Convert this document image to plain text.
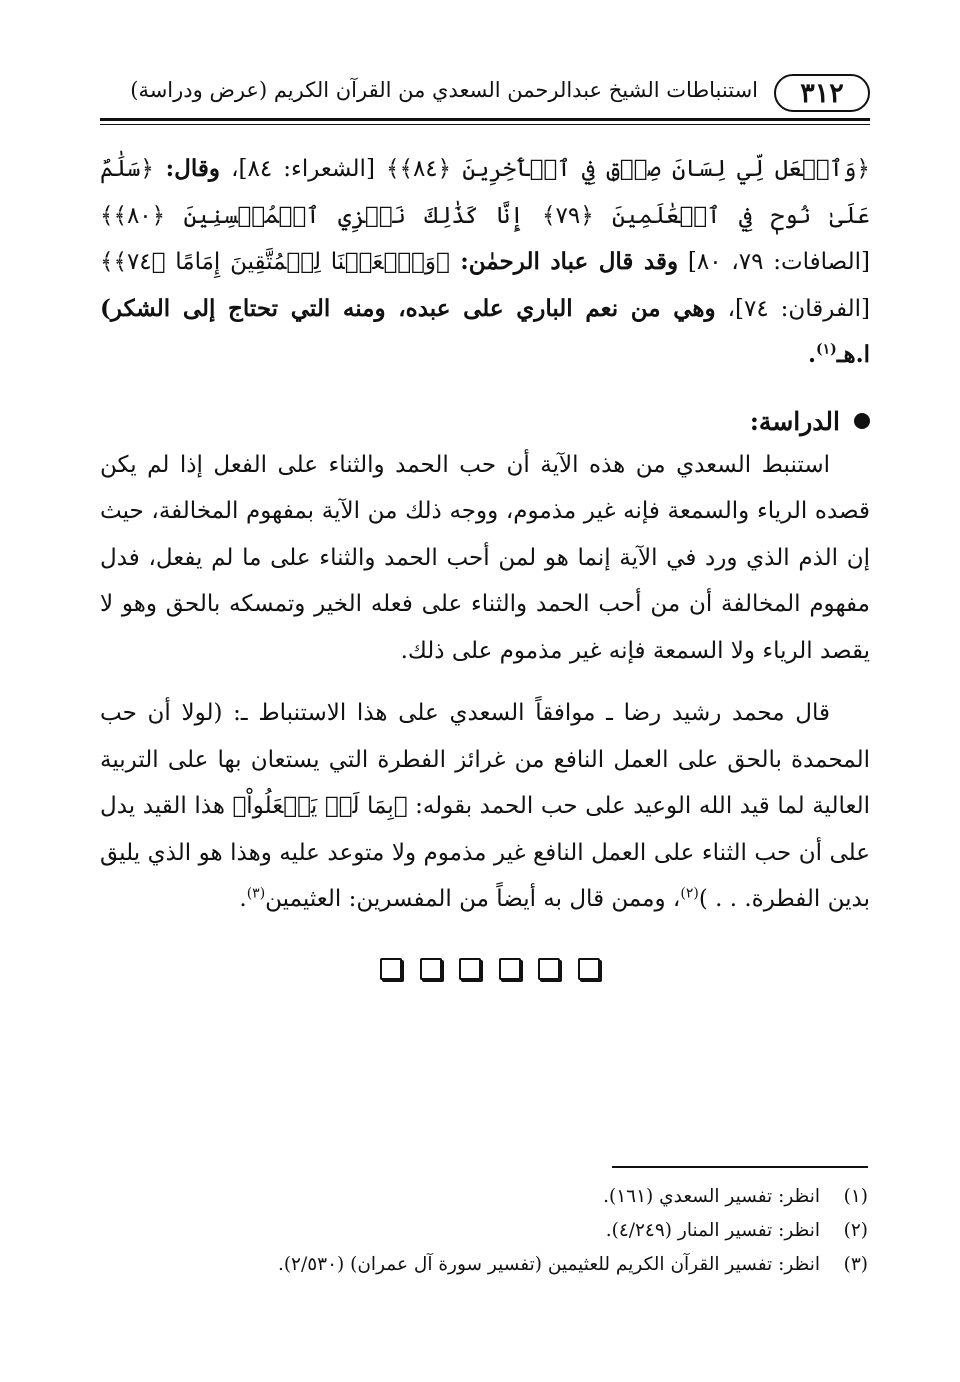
٣١٢
استنباطات الشيخ عبدالرحمن السعدي من القرآن الكريم (عرض ودراسة)

﴿وَٱجۡعَل لِّي لِسَانَ صِدۡقٖ فِي ٱلۡأٓخِرِينَ ﴿٨٤﴾﴾ [الشعراء: ٨٤]، وقال: ﴿سَلَٰمٌ عَلَىٰ نُوحٖ فِي ٱلۡعَٰلَمِينَ ﴿٧٩﴾ إِنَّا كَذَٰلِكَ نَجۡزِي ٱلۡمُحۡسِنِينَ ﴿٨٠﴾﴾ [الصافات: ٧٩، ٨٠] وقد قال عباد الرحمٰن: ﴿وَٱجۡعَلۡنَا لِلۡمُتَّقِينَ إِمَامًا ﴿٧٤﴾﴾ [الفرقان: ٧٤]، وهي من نعم الباري على عبده، ومنه التي تحتاج إلى الشكر) ا.هـ$^{(١)}$.

الدراسة:

استنبط السعدي من هذه الآية أن حب الحمد والثناء على الفعل إذا لم يكن قصده الرياء والسمعة فإنه غير مذموم، ووجه ذلك من الآية بمفهوم المخالفة، حيث إن الذم الذي ورد في الآية إنما هو لمن أحب الحمد والثناء على ما لم يفعل، فدل مفهوم المخالفة أن من أحب الحمد والثناء على فعله الخير وتمسكه بالحق وهو لا يقصد الرياء ولا السمعة فإنه غير مذموم على ذلك.

قال محمد رشيد رضا ـ موافقاً السعدي على هذا الاستنباط ـ: (لولا أن حب المحمدة بالحق على العمل النافع من غرائز الفطرة التي يستعان بها على التربية العالية لما قيد الله الوعيد على حب الحمد بقوله: ﴿بِمَا لَمۡ يَفۡعَلُواْ﴾ هذا القيد يدل على أن حب الثناء على العمل النافع غير مذموم ولا متوعد عليه وهذا هو الذي يليق بدين الفطرة. . . )$^{(٢)}$، وممن قال به أيضاً من المفسرين: العثيمين$^{(٣)}$.

(١)
انظر: تفسير السعدي (١٦١).
(٢)
انظر: تفسير المنار (٤/٢٤٩).
(٣)
انظر: تفسير القرآن الكريم للعثيمين (تفسير سورة آل عمران) (٢/٥٣٠).
